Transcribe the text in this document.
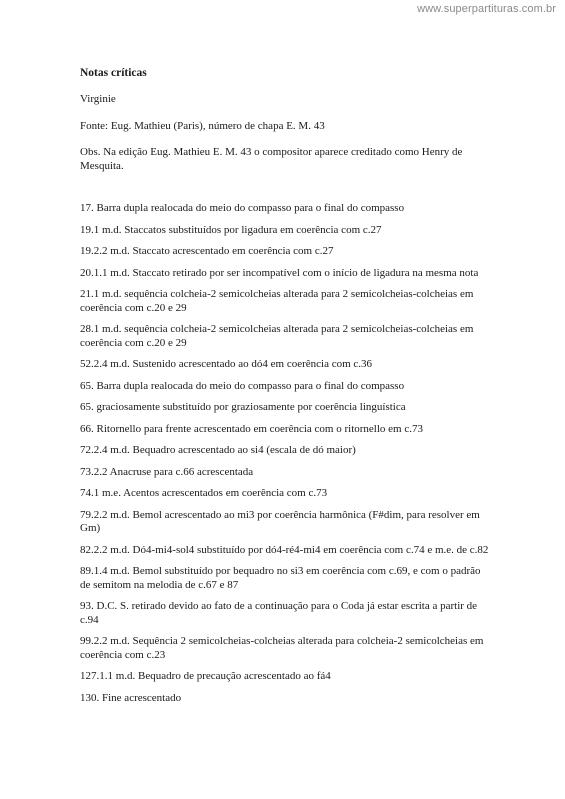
www.superpartituras.com.br
Notas críticas

Virginie

Fonte: Eug. Mathieu (Paris), número de chapa E. M. 43

Obs. Na edição Eug. Mathieu E. M. 43 o compositor aparece creditado como Henry de Mesquita.

17. Barra dupla realocada do meio do compasso para o final do compasso

19.1 m.d. Staccatos substituídos por ligadura em coerência com c.27

19.2.2 m.d. Staccato acrescentado em coerência com c.27

20.1.1 m.d. Staccato retirado por ser incompatível com o início de ligadura na mesma nota

21.1 m.d. sequência colcheia-2 semicolcheias alterada para 2 semicolcheias-colcheias em coerência com c.20 e 29

28.1 m.d. sequência colcheia-2 semicolcheias alterada para 2 semicolcheias-colcheias em coerência com c.20 e 29

52.2.4 m.d. Sustenido acrescentado ao dó4 em coerência com c.36

65. Barra dupla realocada do meio do compasso para o final do compasso

65. graciosamente substituído por graziosamente por coerência linguística

66. Ritornello para frente acrescentado em coerência com o ritornello em c.73

72.2.4 m.d. Bequadro acrescentado ao si4 (escala de dó maior)

73.2.2 Anacruse para c.66 acrescentada

74.1 m.e. Acentos acrescentados em coerência com c.73

79.2.2 m.d. Bemol acrescentado ao mi3 por coerência harmônica (F#dim, para resolver em Gm)

82.2.2 m.d. Dó4-mi4-sol4 substituído por dó4-ré4-mi4 em coerência com c.74 e m.e. de c.82

89.1.4 m.d. Bemol substituído por bequadro no si3 em coerência com c.69, e com o padrão de semitom na melodia de c.67 e 87

93. D.C. S. retirado devido ao fato de a continuação para o Coda já estar escrita a partir de c.94

99.2.2 m.d. Sequência 2 semicolcheias-colcheias alterada para colcheia-2 semicolcheias em coerência com c.23

127.1.1 m.d. Bequadro de precaução acrescentado ao fá4

130. Fine acrescentado
